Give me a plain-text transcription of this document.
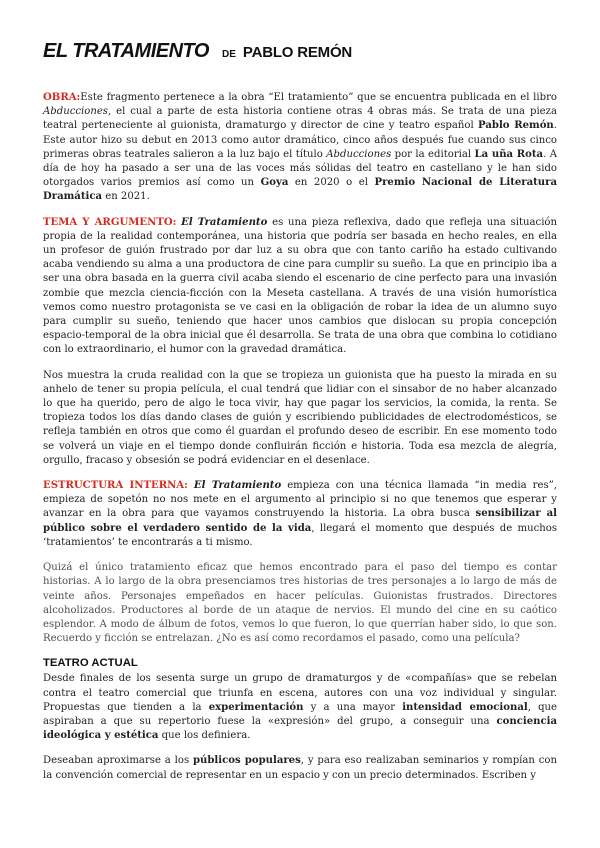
EL TRATAMIENTO DE PABLO REMÓN

OBRA:Este fragmento pertenece a la obra “El tratamiento” que se encuentra publicada en el libro Abducciones, el cual a parte de esta historia contiene otras 4 obras más. Se trata de una pieza teatral perteneciente al guionista, dramaturgo y director de cine y teatro español Pablo Remón. Este autor hizo su debut en 2013 como autor dramático, cinco años después fue cuando sus cinco primeras obras teatrales salieron a la luz bajo el título Abducciones por la editorial La uña Rota. A día de hoy ha pasado a ser una de las voces más sólidas del teatro en castellano y le han sido otorgados varios premios así como un Goya en 2020 o el Premio Nacional de Literatura Dramática en 2021.

TEMA Y ARGUMENTO: El Tratamiento es una pieza reflexiva, dado que refleja una situación propia de la realidad contemporánea, una historia que podría ser basada en hecho reales, en ella un profesor de guión frustrado por dar luz a su obra que con tanto cariño ha estado cultivando acaba vendiendo su alma a una productora de cine para cumplir su sueño. La que en principio iba a ser una obra basada en la guerra civil acaba siendo el escenario de cine perfecto para una invasión zombie que mezcla ciencia-ficción con la Meseta castellana. A través de una visión humorística vemos como nuestro protagonista se ve casi en la obligación de robar la idea de un alumno suyo para cumplir su sueño, teniendo que hacer unos cambios que dislocan su propia concepción espacio-temporal de la obra inicial que él desarrolla. Se trata de una obra que combina lo cotidiano con lo extraordinario, el humor con la gravedad dramática.

Nos muestra la cruda realidad con la que se tropieza un guionista que ha puesto la mirada en su anhelo de tener su propia película, el cual tendrá que lidiar con el sinsabor de no haber alcanzado lo que ha querido, pero de algo le toca vivir, hay que pagar los servicios, la comida, la renta. Se tropieza todos los días dando clases de guión y escribiendo publicidades de electrodomésticos, se refleja también en otros que como él guardan el profundo deseo de escribir. En ese momento todo se volverá un viaje en el tiempo donde confluirán ficción e historia. Toda esa mezcla de alegría, orgullo, fracaso y obsesión se podrá evidenciar en el desenlace.

ESTRUCTURA INTERNA: El Tratamiento empieza con una técnica llamada “in media res”, empieza de sopetón no nos mete en el argumento al principio si no que tenemos que esperar y avanzar en la obra para que vayamos construyendo la historia. La obra busca sensibilizar al público sobre el verdadero sentido de la vida, llegará el momento que después de muchos ‘tratamientos’ te encontrarás a ti mismo.

Quizá el único tratamiento eficaz que hemos encontrado para el paso del tiempo es contar historias. A lo largo de la obra presenciamos tres historias de tres personajes a lo largo de más de veinte años. Personajes empeñados en hacer películas. Guionistas frustrados. Directores alcoholizados. Productores al borde de un ataque de nervios. El mundo del cine en su caótico esplendor. A modo de álbum de fotos, vemos lo que fueron, lo que querrían haber sido, lo que son. Recuerdo y ficción se entrelazan. ¿No es así como recordamos el pasado, como una película?

TEATRO ACTUAL

Desde finales de los sesenta surge un grupo de dramaturgos y de «compañías» que se rebelan contra el teatro comercial que triunfa en escena, autores con una voz individual y singular. Propuestas que tienden a la experimentación y a una mayor intensidad emocional, que aspiraban a que su repertorio fuese la «expresión» del grupo, a conseguir una conciencia ideológica y estética que los definiera.

Deseaban aproximarse a los públicos populares, y para eso realizaban seminarios y rompían con la convención comercial de representar en un espacio y con un precio determinados. Escriben y
